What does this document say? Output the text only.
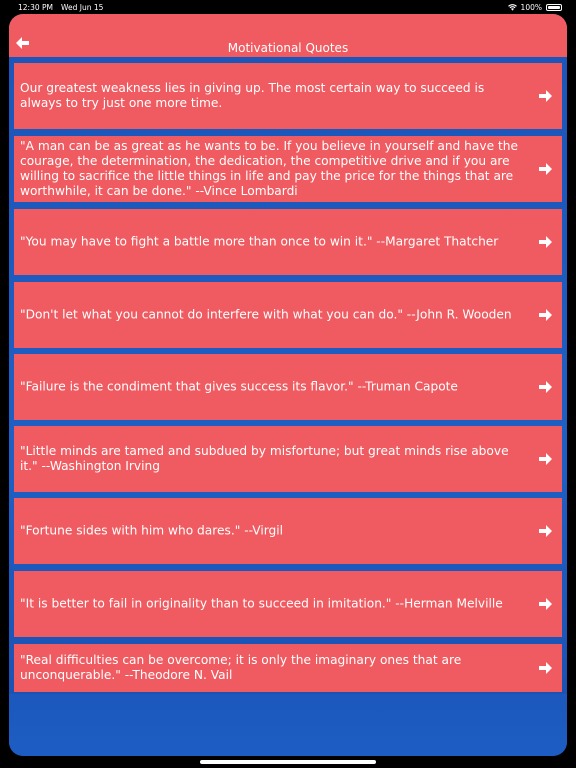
12:30 PM Wed Jun 15	100%
Motivational Quotes
Our greatest weakness lies in giving up. The most certain way to succeed is always to try just one more time.
"A man can be as great as he wants to be. If you believe in yourself and have the courage, the determination, the dedication, the competitive drive and if you are willing to sacrifice the little things in life and pay the price for the things that are worthwhile, it can be done." --Vince Lombardi
"You may have to fight a battle more than once to win it." --Margaret Thatcher
"Don't let what you cannot do interfere with what you can do." --John R. Wooden
"Failure is the condiment that gives success its flavor." --Truman Capote
"Little minds are tamed and subdued by misfortune; but great minds rise above it." --Washington Irving
"Fortune sides with him who dares." --Virgil
"It is better to fail in originality than to succeed in imitation." --Herman Melville
"Real difficulties can be overcome; it is only the imaginary ones that are unconquerable." --Theodore N. Vail
